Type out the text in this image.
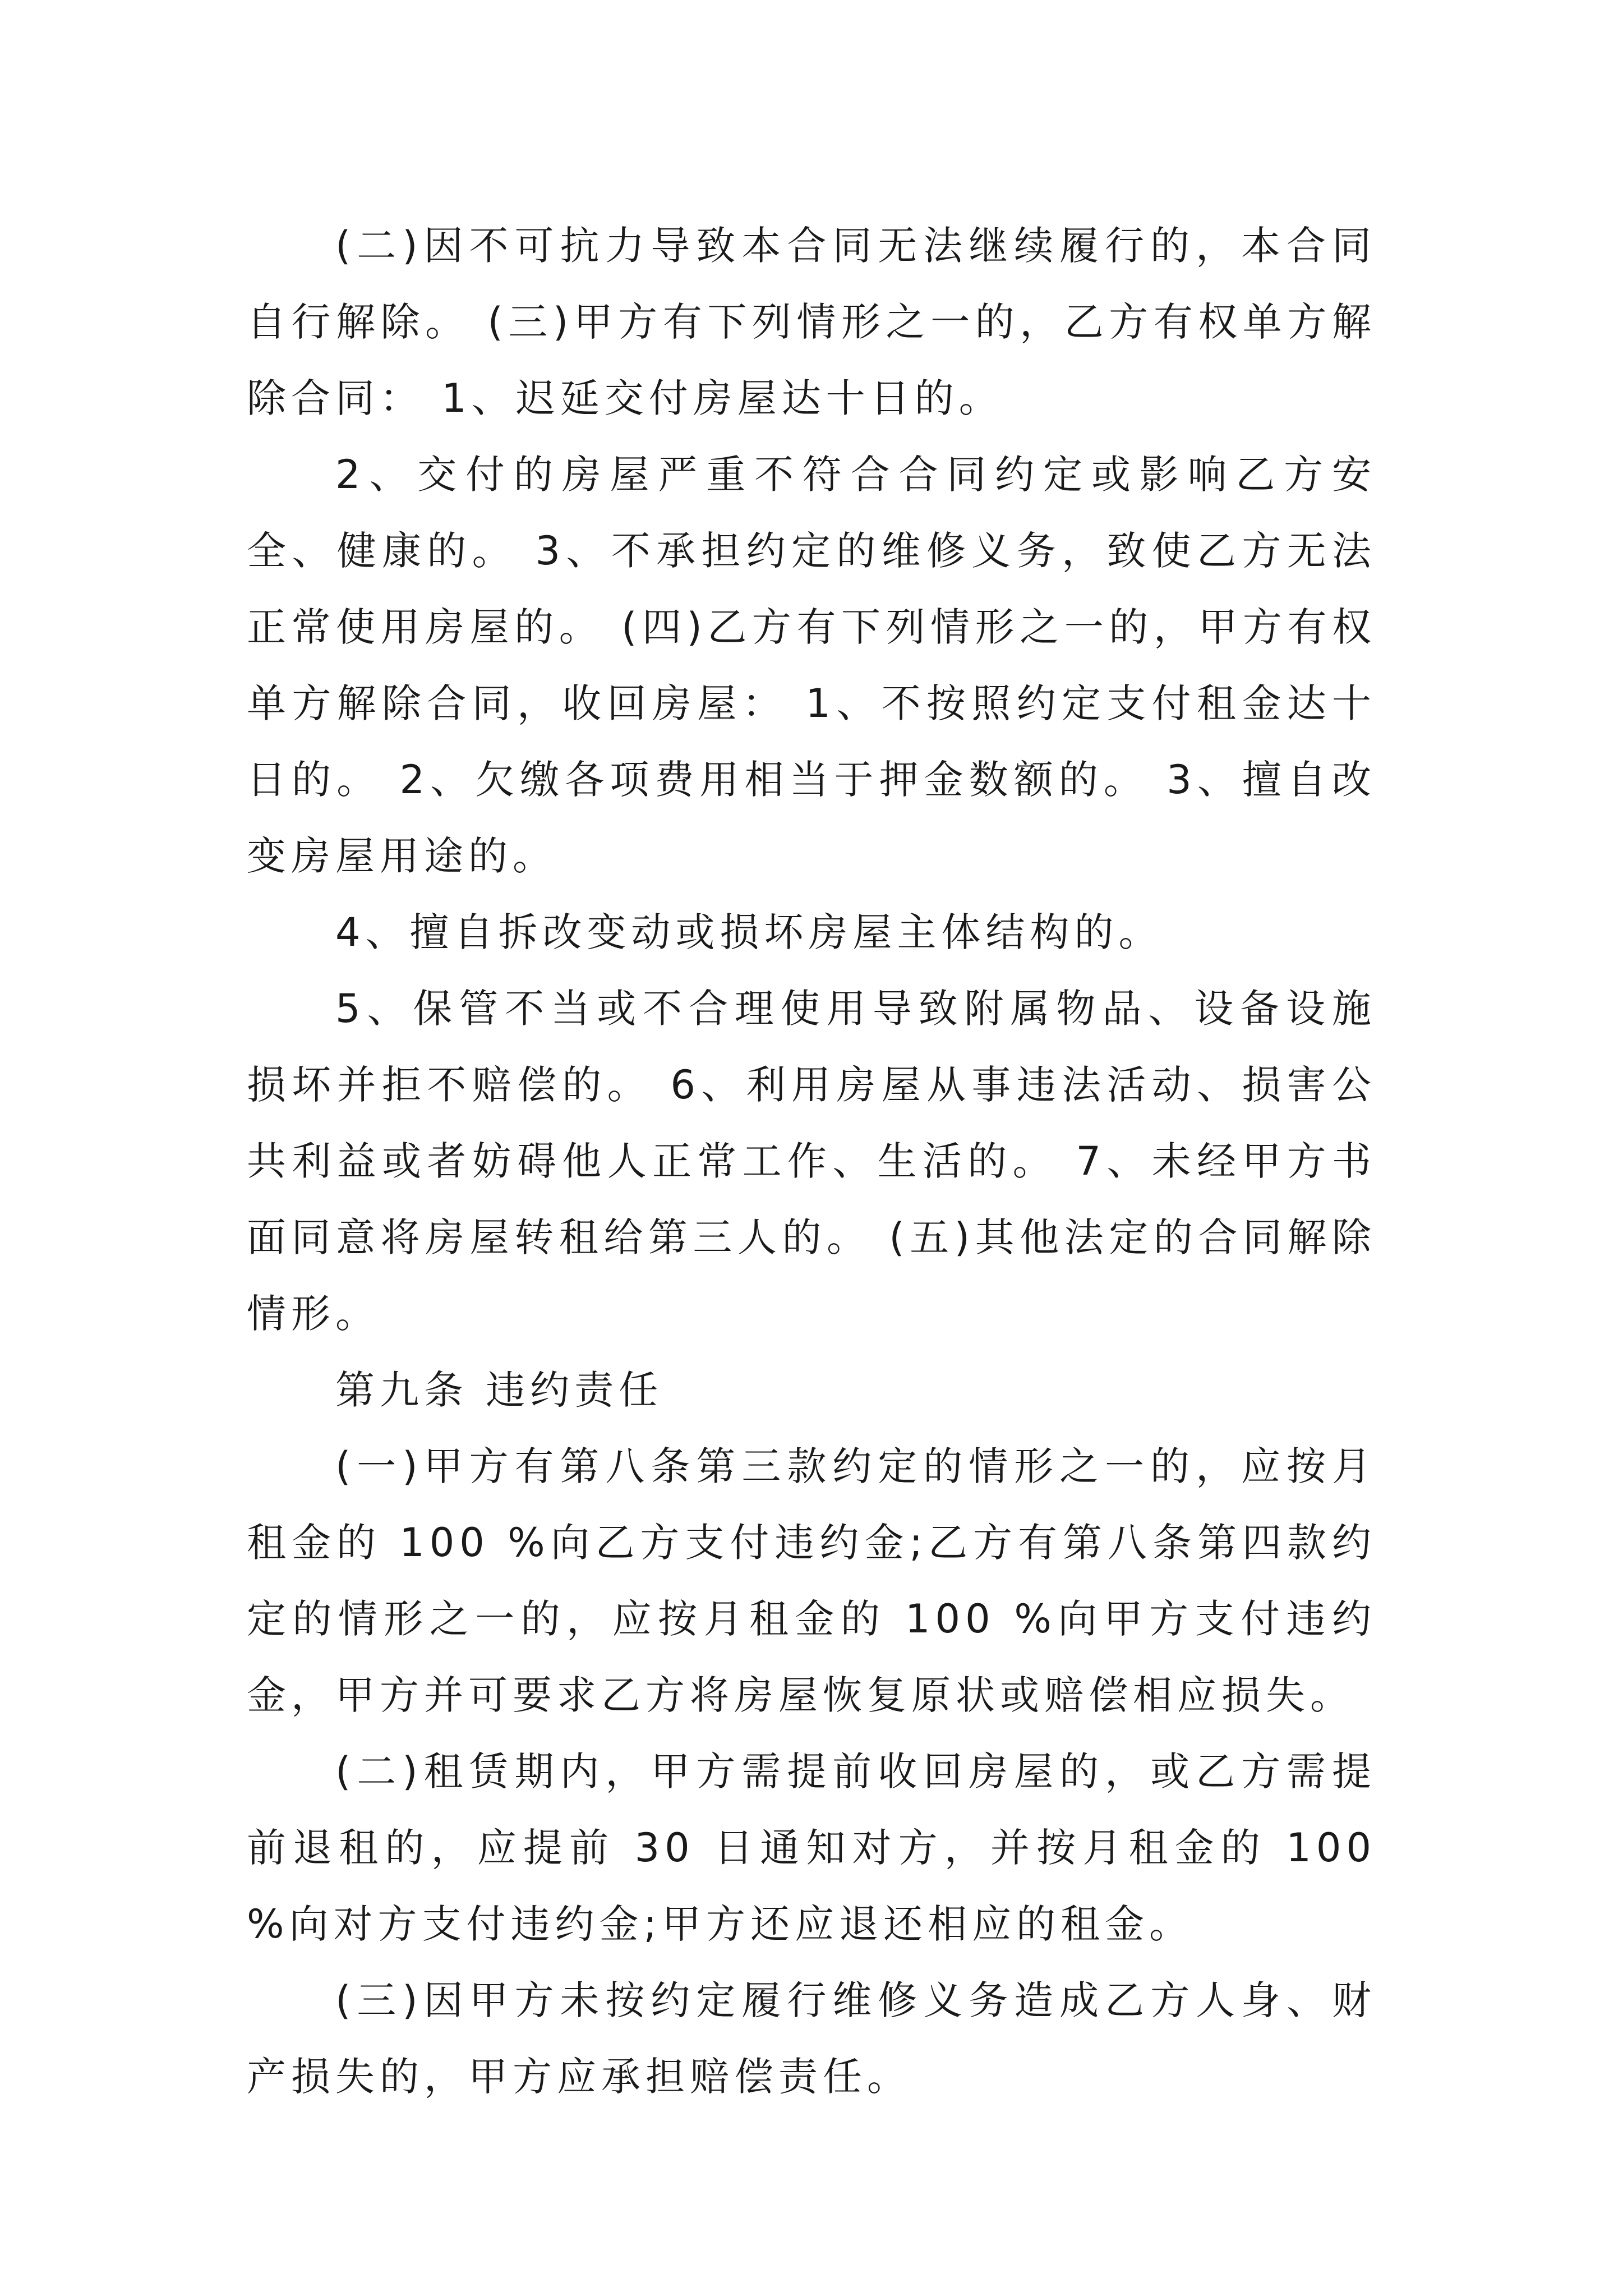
(二)因不可抗力导致本合同无法继续履行的，本合同自行解除。 (三)甲方有下列情形之一的，乙方有权单方解除合同： 1、迟延交付房屋达十日的。

2、交付的房屋严重不符合合同约定或影响乙方安全、健康的。 3、不承担约定的维修义务，致使乙方无法正常使用房屋的。 (四)乙方有下列情形之一的，甲方有权单方解除合同，收回房屋： 1、不按照约定支付租金达十日的。 2、欠缴各项费用相当于押金数额的。 3、擅自改变房屋用途的。

4、擅自拆改变动或损坏房屋主体结构的。

5、保管不当或不合理使用导致附属物品、设备设施损坏并拒不赔偿的。 6、利用房屋从事违法活动、损害公共利益或者妨碍他人正常工作、生活的。 7、未经甲方书面同意将房屋转租给第三人的。 (五)其他法定的合同解除情形。

第九条 违约责任

(一)甲方有第八条第三款约定的情形之一的，应按月租金的 100 %向乙方支付违约金;乙方有第八条第四款约定的情形之一的，应按月租金的 100 %向甲方支付违约金，甲方并可要求乙方将房屋恢复原状或赔偿相应损失。

(二)租赁期内，甲方需提前收回房屋的，或乙方需提前退租的，应提前 30 日通知对方，并按月租金的 100 %向对方支付违约金;甲方还应退还相应的租金。

(三)因甲方未按约定履行维修义务造成乙方人身、财产损失的，甲方应承担赔偿责任。
